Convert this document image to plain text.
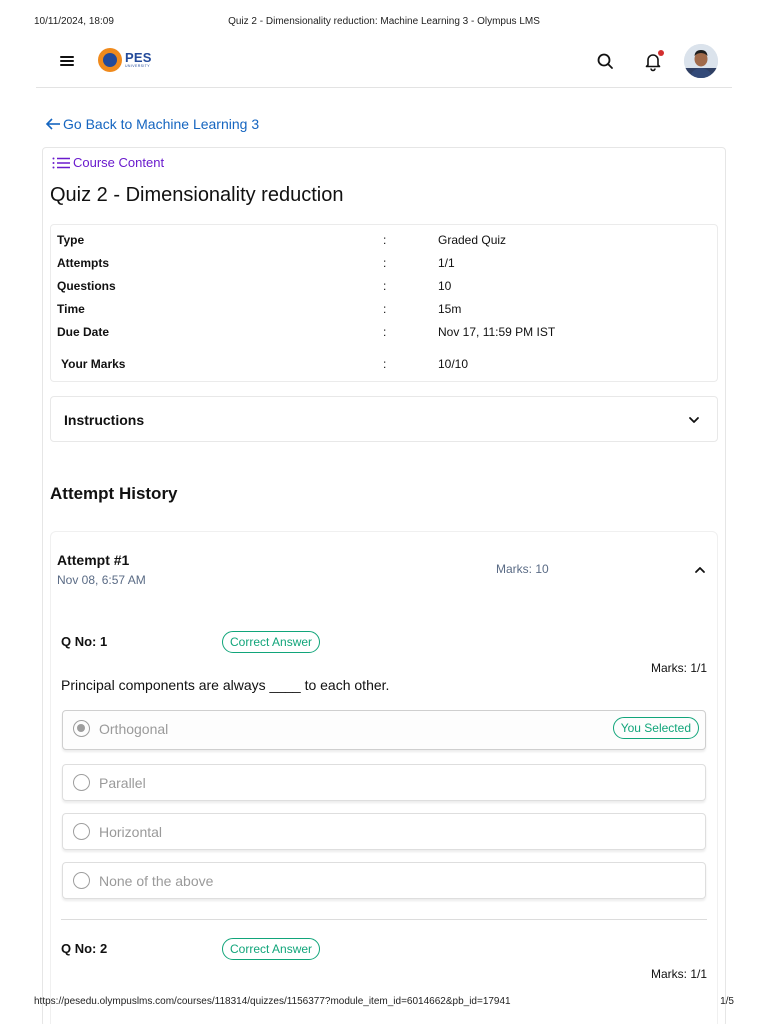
10/11/2024, 18:09	Quiz 2 - Dimensionality reduction: Machine Learning 3 - Olympus LMS
PES
UNIVERSITY
Go Back to Machine Learning 3
Course Content
Quiz 2 - Dimensionality reduction
Type	:	Graded Quiz
Attempts	:	1/1
Questions	:	10
Time	:	15m
Due Date	:	Nov 17, 11:59 PM IST
Your Marks	:	10/10
Instructions
Attempt History
Attempt #1
Nov 08, 6:57 AM
Marks: 10
Q No: 1	Correct Answer
Marks: 1/1
Principal components are always ____ to each other.
Orthogonal	You Selected
Parallel
Horizontal
None of the above
Q No: 2	Correct Answer
Marks: 1/1
https://pesedu.olympuslms.com/courses/118314/quizzes/1156377?module_item_id=6014662&pb_id=17941	1/5
